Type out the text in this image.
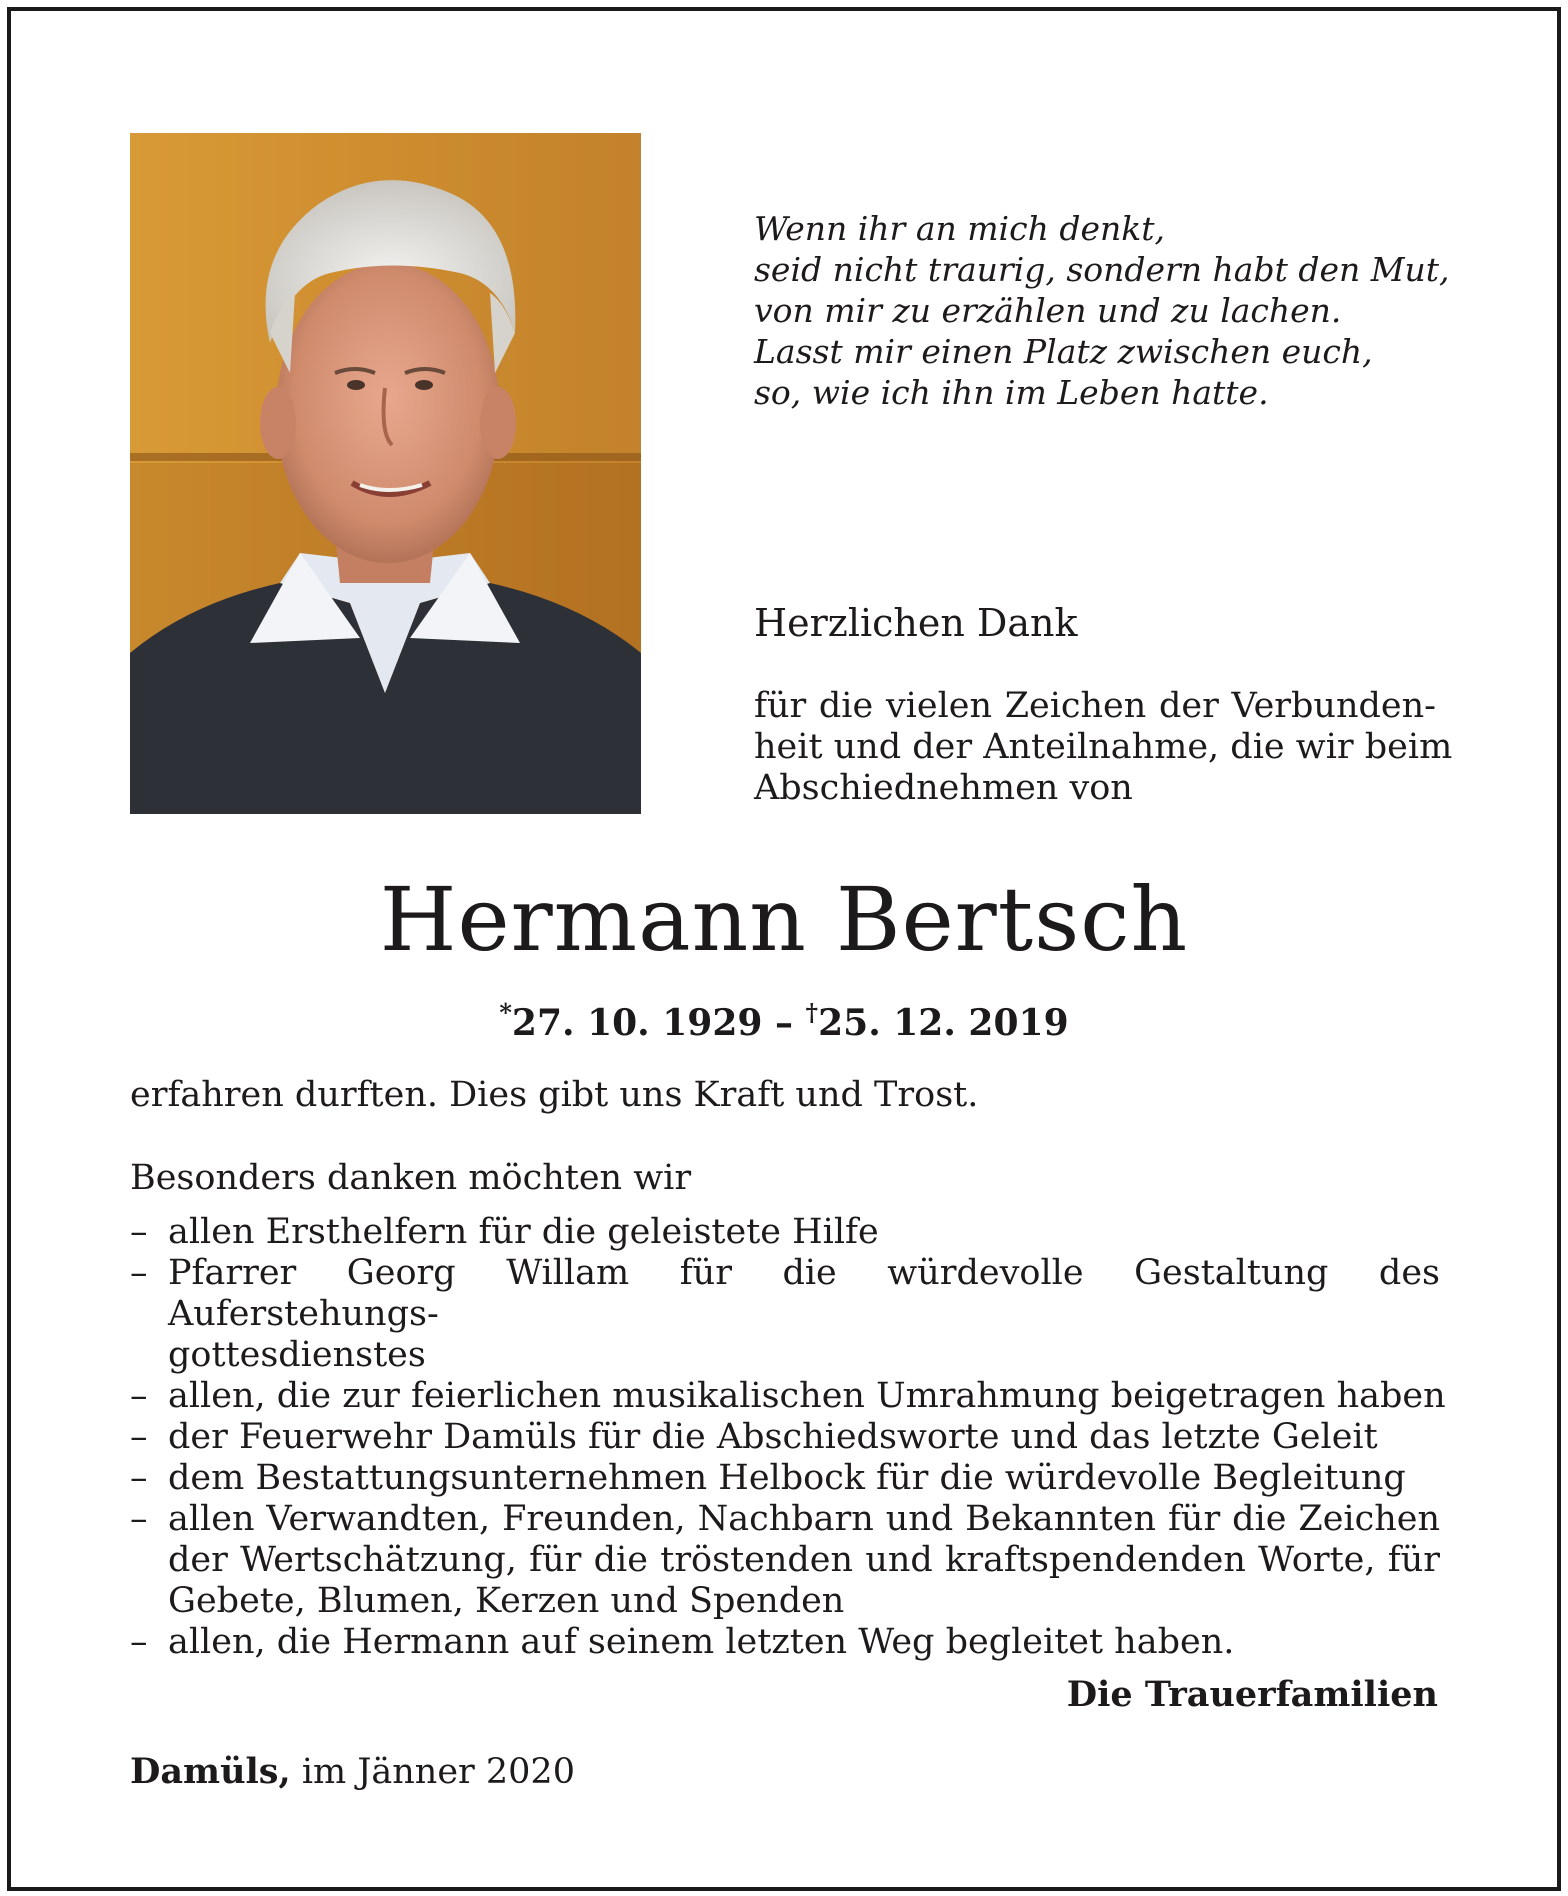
Wenn ihr an mich denkt,
seid nicht traurig, sondern habt den Mut,
von mir zu erzählen und zu lachen.
Lasst mir einen Platz zwischen euch,
so, wie ich ihn im Leben hatte.
Herzlichen Dank
für die vielen Zeichen der Verbunden-
heit und der Anteilnahme, die wir beim
Abschiednehmen von
Hermann Bertsch
*27. 10. 1929 – †25. 12. 2019
erfahren durften. Dies gibt uns Kraft und Trost.
Besonders danken möchten wir
– allen Ersthelfern für die geleistete Hilfe
– Pfarrer Georg Willam für die würdevolle Gestaltung des Auferstehungs-
gottesdienstes
– allen, die zur feierlichen musikalischen Umrahmung beigetragen haben
– der Feuerwehr Damüls für die Abschiedsworte und das letzte Geleit
– dem Bestattungsunternehmen Helbock für die würdevolle Begleitung
– allen Verwandten, Freunden, Nachbarn und Bekannten für die Zeichen
der Wertschätzung, für die tröstenden und kraftspendenden Worte, für
Gebete, Blumen, Kerzen und Spenden
– allen, die Hermann auf seinem letzten Weg begleitet haben.
Die Trauerfamilien
Damüls, im Jänner 2020
